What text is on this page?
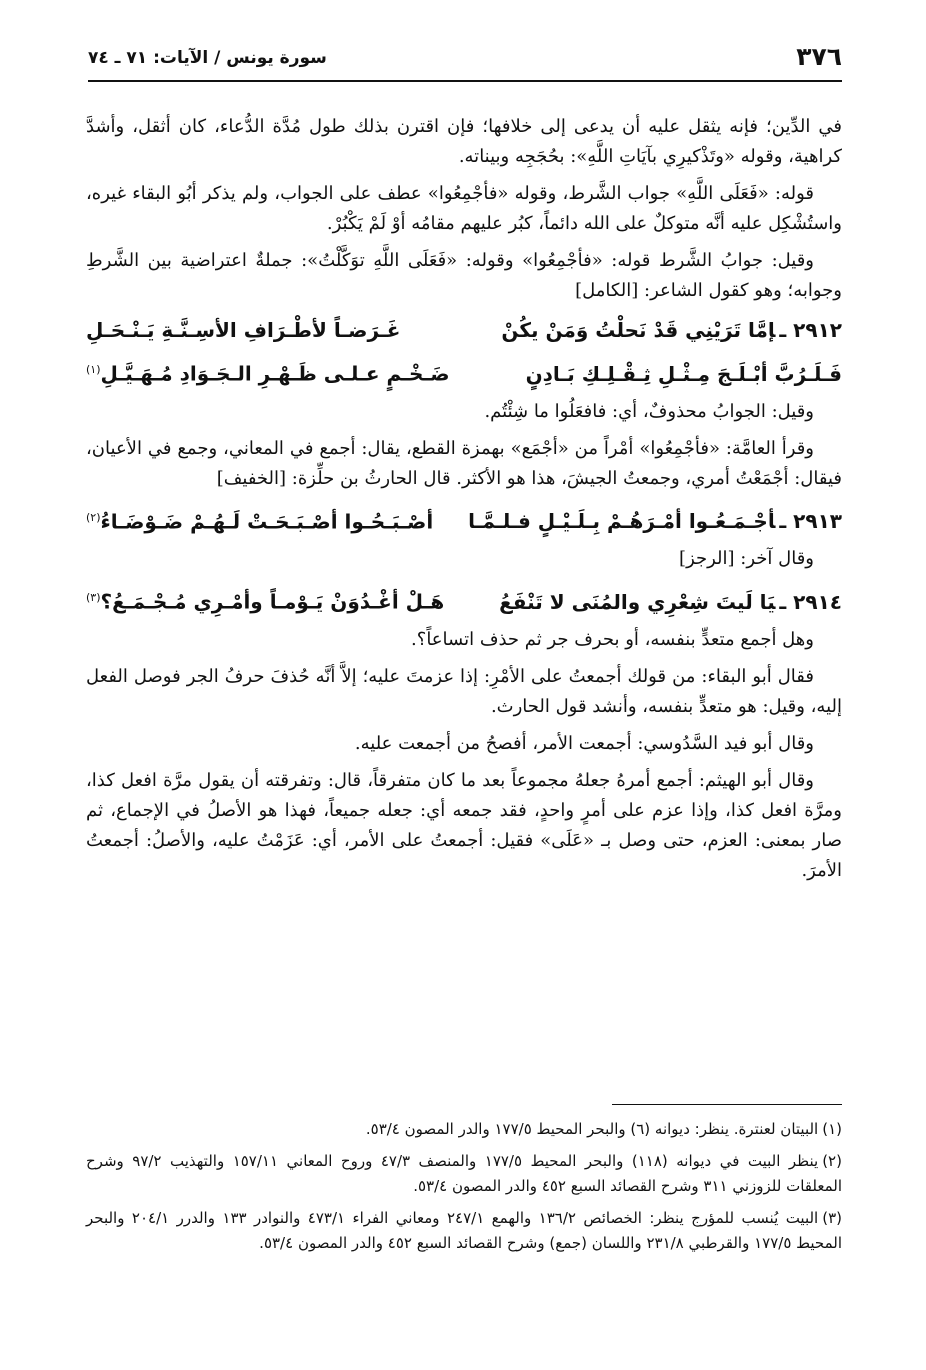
٣٧٦
سورة يونس / الآيات: ٧١ ـ ٧٤

في الدِّين؛ فإنه يثقل عليه أن يدعى إلى خلافها؛ فإن اقترن بذلك طول مُدَّة الدُّعاء، كان أثقل، وأشدَّ كراهية، وقوله «وتَذْكيرِي بآيَاتِ اللَّهِ»: بحُجَجِه وبيناته.

قوله: «فَعَلَى اللَّهِ» جواب الشَّرط، وقوله «فأجْمِعُوا» عطف على الجواب، ولم يذكر أبُو البقاء غيره، واستُشْكِل عليه أنَّه متوكلٌ على الله دائماً، كبُر عليهم مقامُه أوْ لَمْ يَكْبُرْ.

وقيل: جوابُ الشَّرط قوله: «فأجْمِعُوا» وقوله: «فَعَلَى اللَّهِ توَكَّلْتُ»: جملةٌ اعتراضية بين الشَّرطِ وجوابه؛ وهو كقول الشاعر: [الكامل]

٢٩١٢ ـإمَّا تَرَيْنِي قَدْ نَحلْتُ وَمَنْ يكُنْ
غَـرَضـاً لأطْـرَافِ الأسِـنَّـةِ يَـنْـحَـلِ
فَـلَـرُبَّ أبْـلَـجَ مِـثْـلِ ثِـقْـلِـكِ بَـادِنٍ
ضَـخْـمٍ عـلـى ظَـهْـرِ الـجَـوَادِ مُـهَـيَّـلِ$^{(١)}$

وقيل: الجوابُ محذوفٌ، أي: فافعَلُوا ما شِئْتُم.

وقرأ العامَّة: «فأجْمِعُوا» أمْراً من «أجْمَع» بهمزة القطع، يقال: أجمع في المعاني، وجمع في الأعيان، فيقال: أجْمَعْتُ أمري، وجمعتُ الجيشَ، هذا هو الأكثر. قال الحارثُ بن حلِّزة: [الخفيف]

٢٩١٣ ـأجْـمَـعُـوا أمْـرَهُـمْ بِـلَـيْـلٍ فـلـمَّـا
أصْـبَـحُـوا أصْـبَـحَـتْ لَـهُـمْ ضَـوْضَـاءُ$^{(٢)}$

وقال آخر: [الرجز]

٢٩١٤ ـيَا لَيتَ شِعْرِي والمُنَى لا تَنْفَعُ
هَـلْ أغْـدُوَنْ يَـوْمـاً وأمْـرِي مُـجْـمَـعُ؟$^{(٣)}$

وهل أجمع متعدٍّ بنفسه، أو بحرف جر ثم حذف اتساعاً؟.

فقال أبو البقاء: من قولك أجمعتُ على الأمْرِ: إذا عزمتَ عليه؛ إلاَّ أنَّه حُذفَ حرفُ الجر فوصل الفعل إليه، وقيل: هو متعدٍّ بنفسه، وأنشد قول الحارث.

وقال أبو فيد السَّدُوسي: أجمعت الأمر، أفصحُ من أجمعت عليه.

وقال أبو الهيثم: أجمع أمرهُ جعلهُ مجموعاً بعد ما كان متفرقاً، قال: وتفرقته أن يقول مرَّة افعل كذا، ومرَّة افعل كذا، وإذا عزم على أمرٍ واحدٍ، فقد جمعه أي: جعله جميعاً، فهذا هو الأصلُ في الإجماع، ثم صار بمعنى: العزم، حتى وصل بـ «عَلَى» فقيل: أجمعتُ على الأمر، أي: عَزَمْتُ عليه، والأصلُ: أجمعتُ الأمرَ.

(١)البيتان لعنترة. ينظر: ديوانه (٦) والبحر المحيط ١٧٧/٥ والدر المصون ٥٣/٤.

(٢)ينظر البيت في ديوانه (١١٨) والبحر المحيط ١٧٧/٥ والمنصف ٤٧/٣ وروح المعاني ١٥٧/١١ والتهذيب ٩٧/٢ وشرح المعلقات للزوزني ٣١١ وشرح القصائد السبع ٤٥٢ والدر المصون ٥٣/٤.

(٣)البيت يُنسب للمؤرج ينظر: الخصائص ١٣٦/٢ والهمع ٢٤٧/١ ومعاني الفراء ٤٧٣/١ والنوادر ١٣٣ والدرر ٢٠٤/١ والبحر المحيط ١٧٧/٥ والقرطبي ٢٣١/٨ واللسان (جمع) وشرح القصائد السبع ٤٥٢ والدر المصون ٥٣/٤.
